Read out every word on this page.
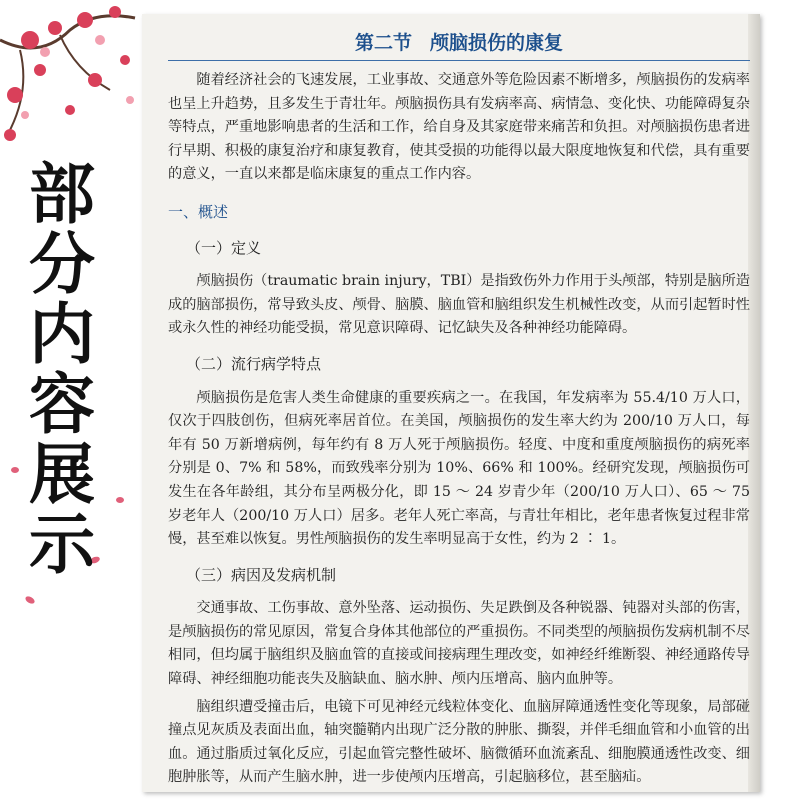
部
分
内
容
展
示
第二节 颅脑损伤的康复

随着经济社会的飞速发展，工业事故、交通意外等危险因素不断增多，颅脑损伤的发病率也呈上升趋势，且多发生于青壮年。颅脑损伤具有发病率高、病情急、变化快、功能障碍复杂等特点，严重地影响患者的生活和工作，给自身及其家庭带来痛苦和负担。对颅脑损伤患者进行早期、积极的康复治疗和康复教育，使其受损的功能得以最大限度地恢复和代偿，具有重要的意义，一直以来都是临床康复的重点工作内容。

一、概述
（一）定义

颅脑损伤（traumatic brain injury，TBI）是指致伤外力作用于头颅部，特别是脑所造成的脑部损伤，常导致头皮、颅骨、脑膜、脑血管和脑组织发生机械性改变，从而引起暂时性或永久性的神经功能受损，常见意识障碍、记忆缺失及各种神经功能障碍。

（二）流行病学特点

颅脑损伤是危害人类生命健康的重要疾病之一。在我国，年发病率为 55.4/10 万人口，仅次于四肢创伤，但病死率居首位。在美国，颅脑损伤的发生率大约为 200/10 万人口，每年有 50 万新增病例，每年约有 8 万人死于颅脑损伤。轻度、中度和重度颅脑损伤的病死率分别是 0、7% 和 58%，而致残率分别为 10%、66% 和 100%。经研究发现，颅脑损伤可发生在各年龄组，其分布呈两极分化，即 15 ～ 24 岁青少年（200/10 万人口）、65 ～ 75 岁老年人（200/10 万人口）居多。老年人死亡率高，与青壮年相比，老年患者恢复过程非常慢，甚至难以恢复。男性颅脑损伤的发生率明显高于女性，约为 2 ∶ 1。

（三）病因及发病机制

交通事故、工伤事故、意外坠落、运动损伤、失足跌倒及各种锐器、钝器对头部的伤害，是颅脑损伤的常见原因，常复合身体其他部位的严重损伤。不同类型的颅脑损伤发病机制不尽相同，但均属于脑组织及脑血管的直接或间接病理生理改变，如神经纤维断裂、神经通路传导障碍、神经细胞功能丧失及脑缺血、脑水肿、颅内压增高、脑内血肿等。

脑组织遭受撞击后，电镜下可见神经元线粒体变化、血脑屏障通透性变化等现象，局部碰撞点见灰质及表面出血，轴突髓鞘内出现广泛分散的肿胀、撕裂，并伴毛细血管和小血管的出血。通过脂质过氧化反应，引起血管完整性破坏、脑微循环血流紊乱、细胞膜通透性改变、细胞肿胀等，从而产生脑水肿，进一步使颅内压增高，引起脑移位，甚至脑疝。
